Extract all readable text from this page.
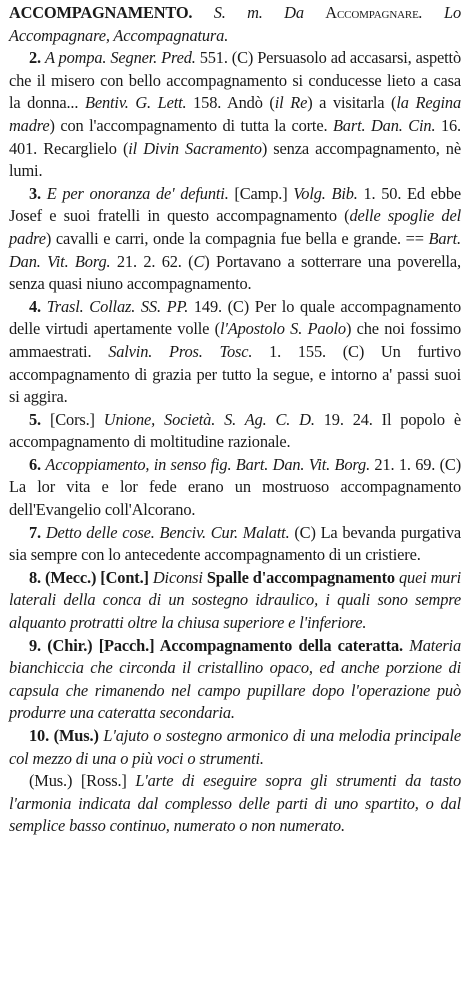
ACCOMPAGNAMENTO. S. m. Da Accompagnare. Lo Accompagnare, Accompagnatura.

2. A pompa. Segner. Pred. 551. (C) Persuasolo ad accasarsi, aspettò che il misero con bello accompagnamento si conducesse lieto a casa la donna... Bentiv. G. Lett. 158. Andò (il Re) a visitarla (la Regina madre) con l'accompagnamento di tutta la corte. Bart. Dan. Cin. 16. 401. Recarglielo (il Divin Sacramento) senza accompagnamento, nè lumi.

3. E per onoranza de' defunti. [Camp.] Volg. Bib. 1. 50. Ed ebbe Josef e suoi fratelli in questo accompagnamento (delle spoglie del padre) cavalli e carri, onde la compagnia fue bella e grande. == Bart. Dan. Vit. Borg. 21. 2. 62. (C) Portavano a sotterrare una poverella, senza quasi niuno accompagnamento.

4. Trasl. Collaz. SS. PP. 149. (C) Per lo quale accompagnamento delle virtudi apertamente volle (l'Apostolo S. Paolo) che noi fossimo ammaestrati. Salvin. Pros. Tosc. 1. 155. (C) Un furtivo accompagnamento di grazia per tutto la segue, e intorno a' passi suoi si aggira.

5. [Cors.] Unione, Società. S. Ag. C. D. 19. 24. Il popolo è accompagnamento di moltitudine razionale.

6. Accoppiamento, in senso fig. Bart. Dan. Vit. Borg. 21. 1. 69. (C) La lor vita e lor fede erano un mostruoso accompagnamento dell'Evangelio coll'Alcorano.

7. Detto delle cose. Benciv. Cur. Malatt. (C) La bevanda purgativa sia sempre con lo antecedente accompagnamento di un cristiere.

8. (Mecc.) [Cont.] Diconsi Spalle d'accompagnamento quei muri laterali della conca di un sostegno idraulico, i quali sono sempre alquanto protratti oltre la chiusa superiore e l'inferiore.

9. (Chir.) [Pacch.] Accompagnamento della cateratta. Materia bianchiccia che circonda il cristallino opaco, ed anche porzione di capsula che rimanendo nel campo pupillare dopo l'operazione può produrre una cateratta secondaria.

10. (Mus.) L'ajuto o sostegno armonico di una melodia principale col mezzo di una o più voci o strumenti.

(Mus.) [Ross.] L'arte di eseguire sopra gli strumenti da tasto l'armonia indicata dal complesso delle parti di uno spartito, o dal semplice basso continuo, numerato o non numerato.
